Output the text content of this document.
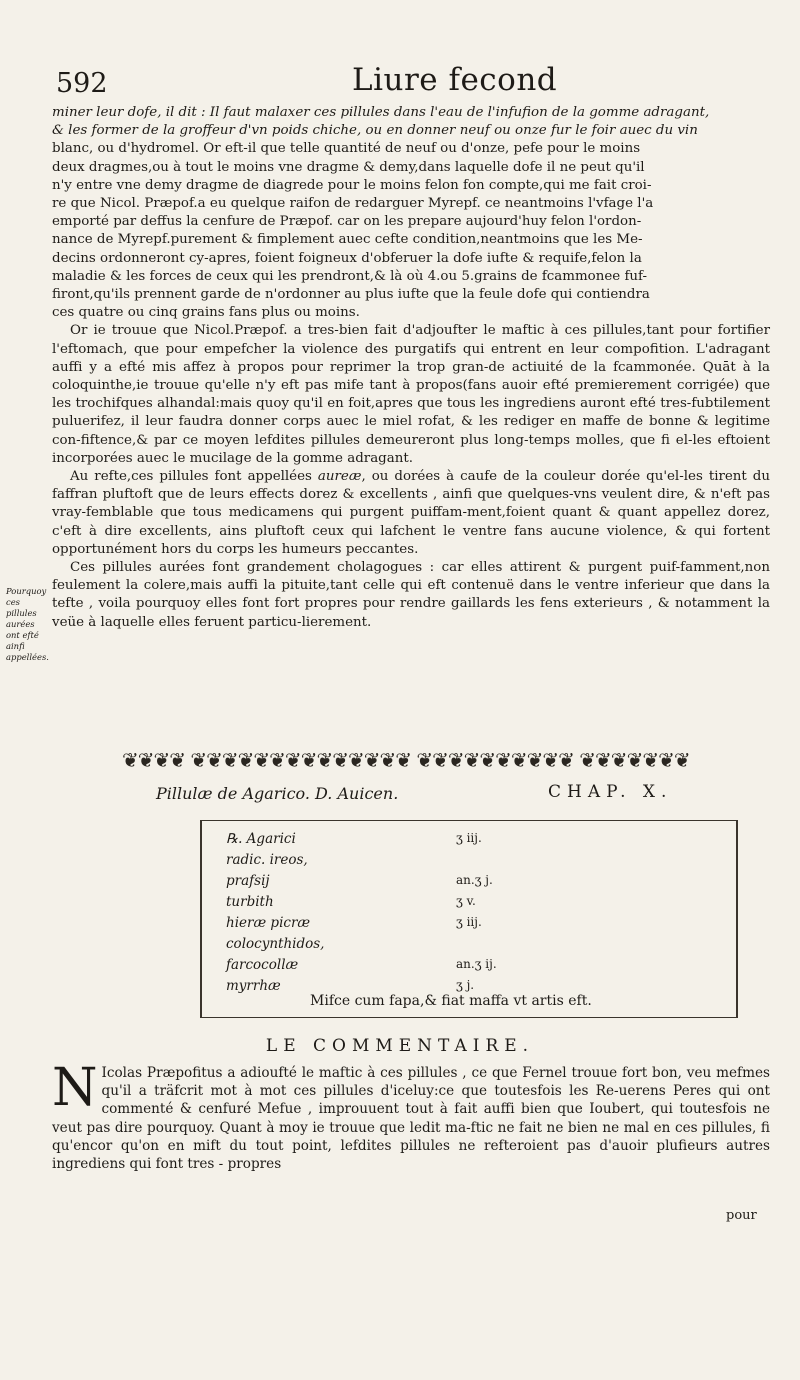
592	Liure fecond
miner leur dofe, il dit : Il faut malaxer ces pillules dans l'eau de l'infufion de la gomme adragant,
& les former de la groffeur d'vn poids chiche, ou en donner neuf ou onze fur le foir auec du vin
blanc, ou d'hydromel. Or eft-il que telle quantité de neuf ou d'onze, pefe pour le moins
deux dragmes,ou à tout le moins vne dragme & demy,dans laquelle dofe il ne peut qu'il
n'y entre vne demy dragme de diagrede pour le moins felon fon compte,qui me fait croi-
re que Nicol. Præpof.a eu quelque raifon de redarguer Myrepf. ce neantmoins l'vfage l'a
emporté par deffus la cenfure de Præpof. car on les prepare aujourd'huy felon l'ordon-
nance de Myrepf.purement & fimplement auec cefte condition,neantmoins que les Me-
decins ordonneront cy-apres, foient foigneux d'obferuer la dofe iufte & requife,felon la
maladie & les forces de ceux qui les prendront,& là où 4.ou 5.grains de fcammonee fuf-
firont,qu'ils prennent garde de n'ordonner au plus iufte que la feule dofe qui contiendra
ces quatre ou cinq grains fans plus ou moins.

Or ie trouue que Nicol.Præpof. a tres-bien fait d'adjoufter le maftic à ces pillules,tant pour fortifier l'eftomach, que pour empefcher la violence des purgatifs qui entrent en leur compofition. L'adragant auffi y a efté mis affez à propos pour reprimer la trop gran-de actiuité de la fcammonée. Quāt à la coloquinthe,ie trouue qu'elle n'y eft pas mife tant à propos(fans auoir efté premierement corrigée) que les trochifques alhandal:mais quoy qu'il en foit,apres que tous les ingrediens auront efté tres-fubtilement puluerifez, il leur faudra donner corps auec le miel rofat, & les rediger en maffe de bonne & legitime con-fiftence,& par ce moyen lefdites pillules demeureront plus long-temps molles, que fi el-les eftoient incorporées auec le mucilage de la gomme adragant.

Au refte,ces pillules font appellées aureæ, ou dorées à caufe de la couleur dorée qu'el-les tirent du faffran pluftoft que de leurs effects dorez & excellents , ainfi que quelques-vns veulent dire, & n'eft pas vray-femblable que tous medicamens qui purgent puiffam-ment,foient quant & quant appellez dorez, c'eft à dire excellents, ains pluftoft ceux qui lafchent le ventre fans aucune violence, & qui fortent opportunément hors du corps les humeurs peccantes.

Ces pillules aurées font grandement cholagogues : car elles attirent & purgent puif-famment,non feulement la colere,mais auffi la pituite,tant celle qui eft contenuë dans le ventre inferieur que dans la tefte , voila pourquoy elles font fort propres pour rendre gaillards les fens exterieurs , & notamment la veüe à laquelle elles feruent particu-lierement.

Pourquoy ces pillules aurées ont efté ainfi appellées.
❦❦❦❦ ❦❦❦❦❦❦❦❦❦❦❦❦❦❦ ❦❦❦❦❦❦❦❦❦❦ ❦❦❦❦❦❦❦
Pillulæ de Agarico. D. Auicen.	CHAP. X.
℞. Agarici	ʒ iij.
radic. ireos,
prafsij	an.ʒ j.
turbith	ʒ v.
hieræ picræ	ʒ iij.
colocynthidos,
farcocollæ	an.ʒ ij.
myrrhæ	ʒ j.
Mifce cum fapa,& fiat maffa vt artis eft.
LE COMMENTAIRE.
N Icolas Præpofitus a adioufté le maftic à ces pillules , ce que Fernel trouue fort bon, veu mefmes qu'il a träfcrit mot à mot ces pillules d'iceluy:ce que toutesfois les Re-uerens Peres qui ont commenté & cenfuré Mefue , improuuent tout à fait auffi bien que Ioubert, qui toutesfois ne veut pas dire pourquoy. Quant à moy ie trouue que ledit ma-ftic ne fait ne bien ne mal en ces pillules, fi qu'encor qu'on en mift du tout point, lefdites pillules ne refteroient pas d'auoir plufieurs autres ingrediens qui font tres - propres
pour
